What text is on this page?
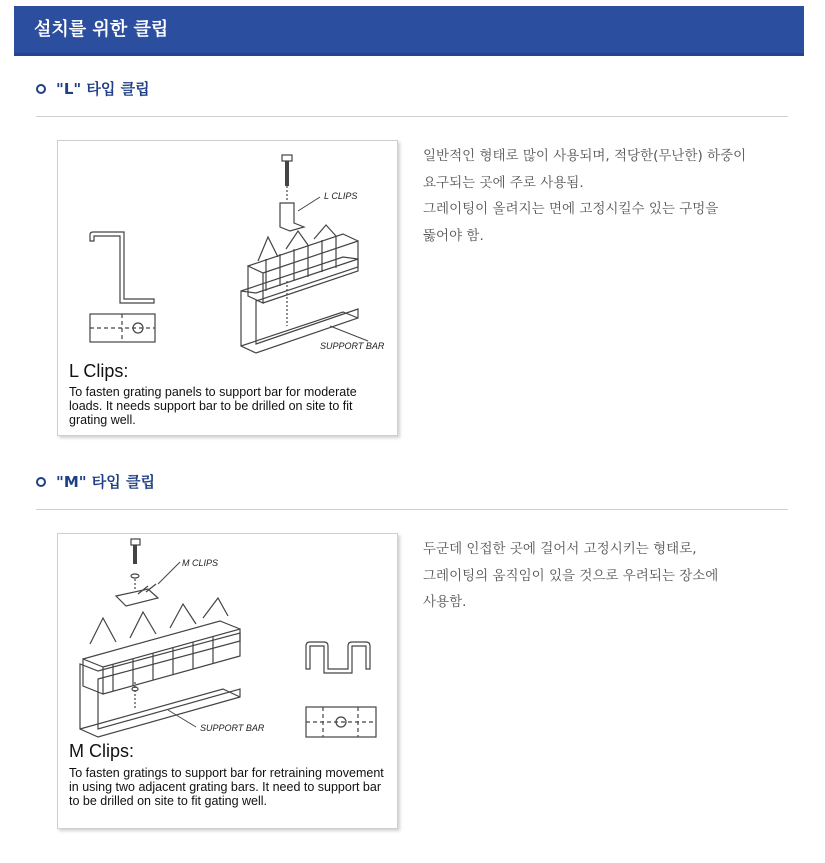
설치를 위한 클립
"L" 타입 클립
L CLIPS
SUPPORT BAR
L Clips:
To fasten grating panels to support bar for moderate loads. It needs support bar to be drilled on site to fit grating well.

일반적인 형태로 많이 사용되며, 적당한(무난한) 하중이

요구되는 곳에 주로 사용됨.

그레이팅이 올려지는 면에 고정시킬수 있는 구멍을

뚫어야 함.

"M" 타입 클립
M CLIPS
SUPPORT BAR
M Clips:
To fasten gratings to support bar for retraining movement in using two adjacent grating bars. It need to support bar to be drilled on site to fit gating well.

두군데 인접한 곳에 걸어서 고정시키는 형태로,

그레이팅의 움직임이 있을 것으로 우려되는 장소에

사용함.
